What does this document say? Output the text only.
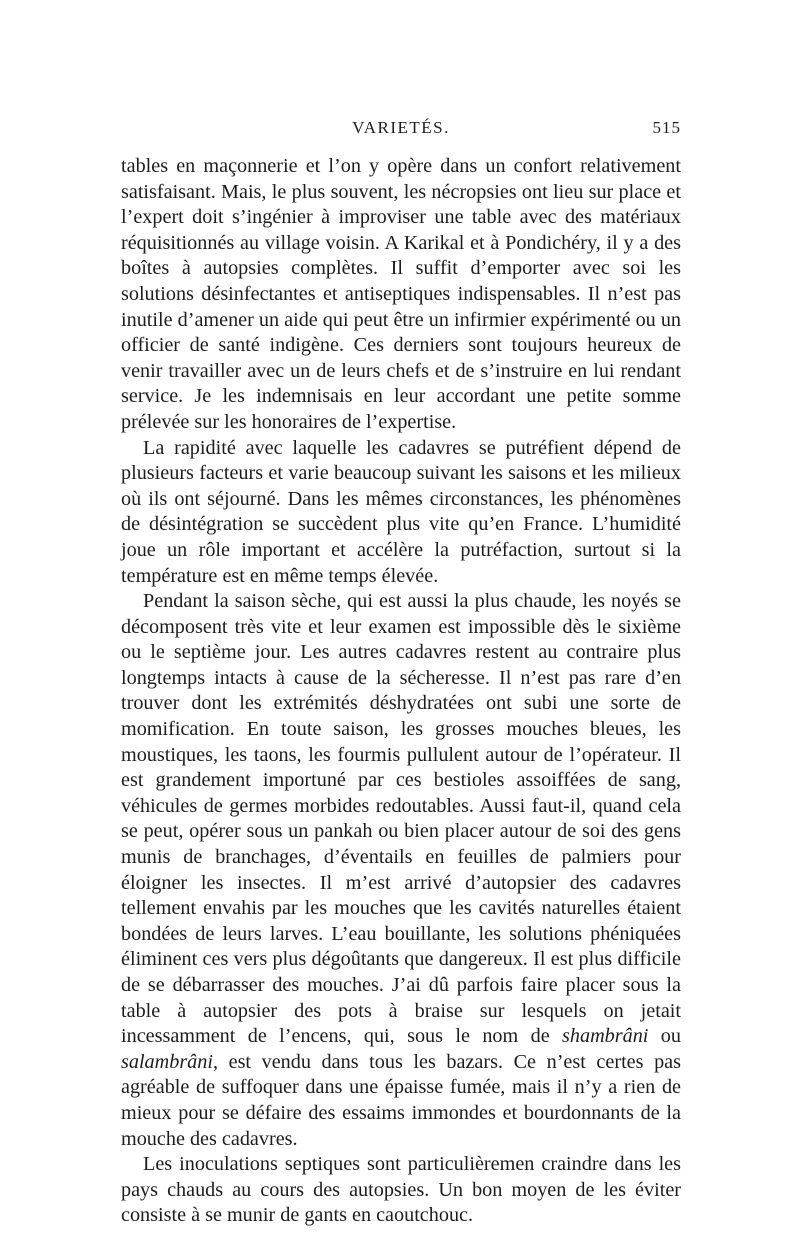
VARIETÉS.	515

tables en maçonnerie et l’on y opère dans un confort relativement satisfaisant. Mais, le plus souvent, les nécropsies ont lieu sur place et l’expert doit s’ingénier à improviser une table avec des matériaux réquisitionnés au village voisin. A Karikal et à Pondichéry, il y a des boîtes à autopsies complètes. Il suffit d’emporter avec soi les solutions désinfectantes et antiseptiques indispensables. Il n’est pas inutile d’amener un aide qui peut être un infirmier expérimenté ou un officier de santé indigène. Ces derniers sont toujours heureux de venir travailler avec un de leurs chefs et de s’instruire en lui rendant service. Je les indemnisais en leur accordant une petite somme prélevée sur les honoraires de l’expertise.

La rapidité avec laquelle les cadavres se putréfient dépend de plusieurs facteurs et varie beaucoup suivant les saisons et les milieux où ils ont séjourné. Dans les mêmes circonstances, les phénomènes de désintégration se succèdent plus vite qu’en France. L’humidité joue un rôle important et accélère la putréfaction, surtout si la température est en même temps élevée.

Pendant la saison sèche, qui est aussi la plus chaude, les noyés se décomposent très vite et leur examen est impossible dès le sixième ou le septième jour. Les autres cadavres restent au contraire plus longtemps intacts à cause de la sécheresse. Il n’est pas rare d’en trouver dont les extrémités déshydratées ont subi une sorte de momification. En toute saison, les grosses mouches bleues, les moustiques, les taons, les fourmis pullulent autour de l’opérateur. Il est grandement importuné par ces bestioles assoiffées de sang, véhicules de germes morbides redoutables. Aussi faut-il, quand cela se peut, opérer sous un pankah ou bien placer autour de soi des gens munis de branchages, d’éventails en feuilles de palmiers pour éloigner les insectes. Il m’est arrivé d’autopsier des cadavres tellement envahis par les mouches que les cavités naturelles étaient bondées de leurs larves. L’eau bouillante, les solutions phéniquées éliminent ces vers plus dégoûtants que dangereux. Il est plus difficile de se débarrasser des mouches. J’ai dû parfois faire placer sous la table à autopsier des pots à braise sur lesquels on jetait incessamment de l’encens, qui, sous le nom de shambrâni ou salambrâni, est vendu dans tous les bazars. Ce n’est certes pas agréable de suffoquer dans une épaisse fumée, mais il n’y a rien de mieux pour se défaire des essaims immondes et bourdonnants de la mouche des cadavres.

Les inoculations septiques sont particulièremen craindre dans les pays chauds au cours des autopsies. Un bon moyen de les éviter consiste à se munir de gants en caoutchouc.
